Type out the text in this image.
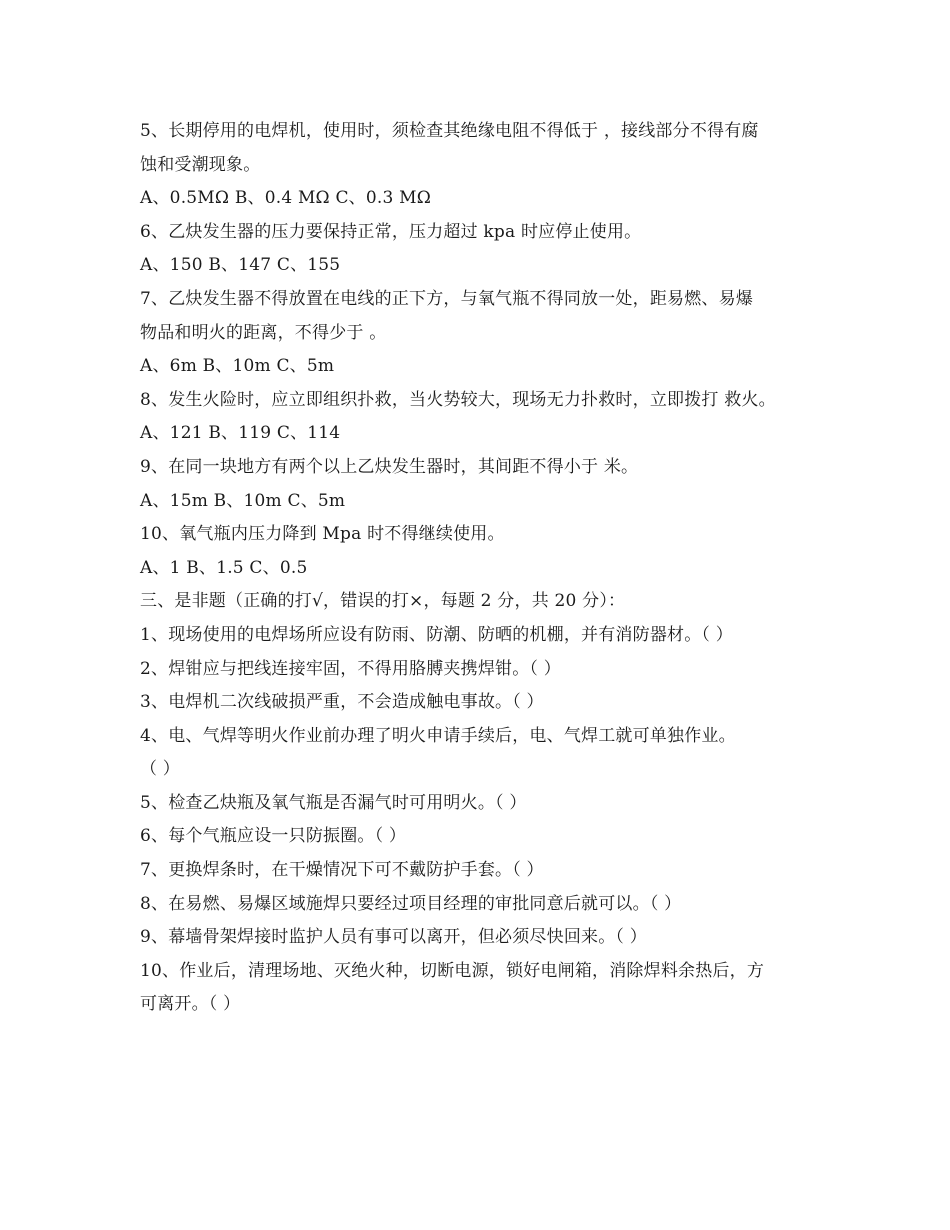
5、长期停用的电焊机，使用时，须检查其绝缘电阻不得低于 ，接线部分不得有腐
蚀和受潮现象。
A、0.5MΩ B、0.4 MΩ C、0.3 MΩ
6、乙炔发生器的压力要保持正常，压力超过 kpa 时应停止使用。
A、150 B、147 C、155
7、乙炔发生器不得放置在电线的正下方，与氧气瓶不得同放一处，距易燃、易爆
物品和明火的距离，不得少于 。
A、6m B、10m C、5m
8、发生火险时，应立即组织扑救，当火势较大，现场无力扑救时，立即拨打 救火。
A、121 B、119 C、114
9、在同一块地方有两个以上乙炔发生器时，其间距不得小于 米。
A、15m B、10m C、5m
10、氧气瓶内压力降到 Mpa 时不得继续使用。
A、1 B、1.5 C、0.5
三、是非题（正确的打√，错误的打×，每题 2 分，共 20 分）：
1、现场使用的电焊场所应设有防雨、防潮、防晒的机棚，并有消防器材。（ ）
2、焊钳应与把线连接牢固，不得用胳膊夹携焊钳。（ ）
3、电焊机二次线破损严重，不会造成触电事故。（ ）
4、电、气焊等明火作业前办理了明火申请手续后，电、气焊工就可单独作业。
（ ）
5、检查乙炔瓶及氧气瓶是否漏气时可用明火。（ ）
6、每个气瓶应设一只防振圈。（ ）
7、更换焊条时，在干燥情况下可不戴防护手套。（ ）
8、在易燃、易爆区域施焊只要经过项目经理的审批同意后就可以。（ ）
9、幕墙骨架焊接时监护人员有事可以离开，但必须尽快回来。（ ）
10、作业后，清理场地、灭绝火种，切断电源，锁好电闸箱，消除焊料余热后，方
可离开。（ ）
